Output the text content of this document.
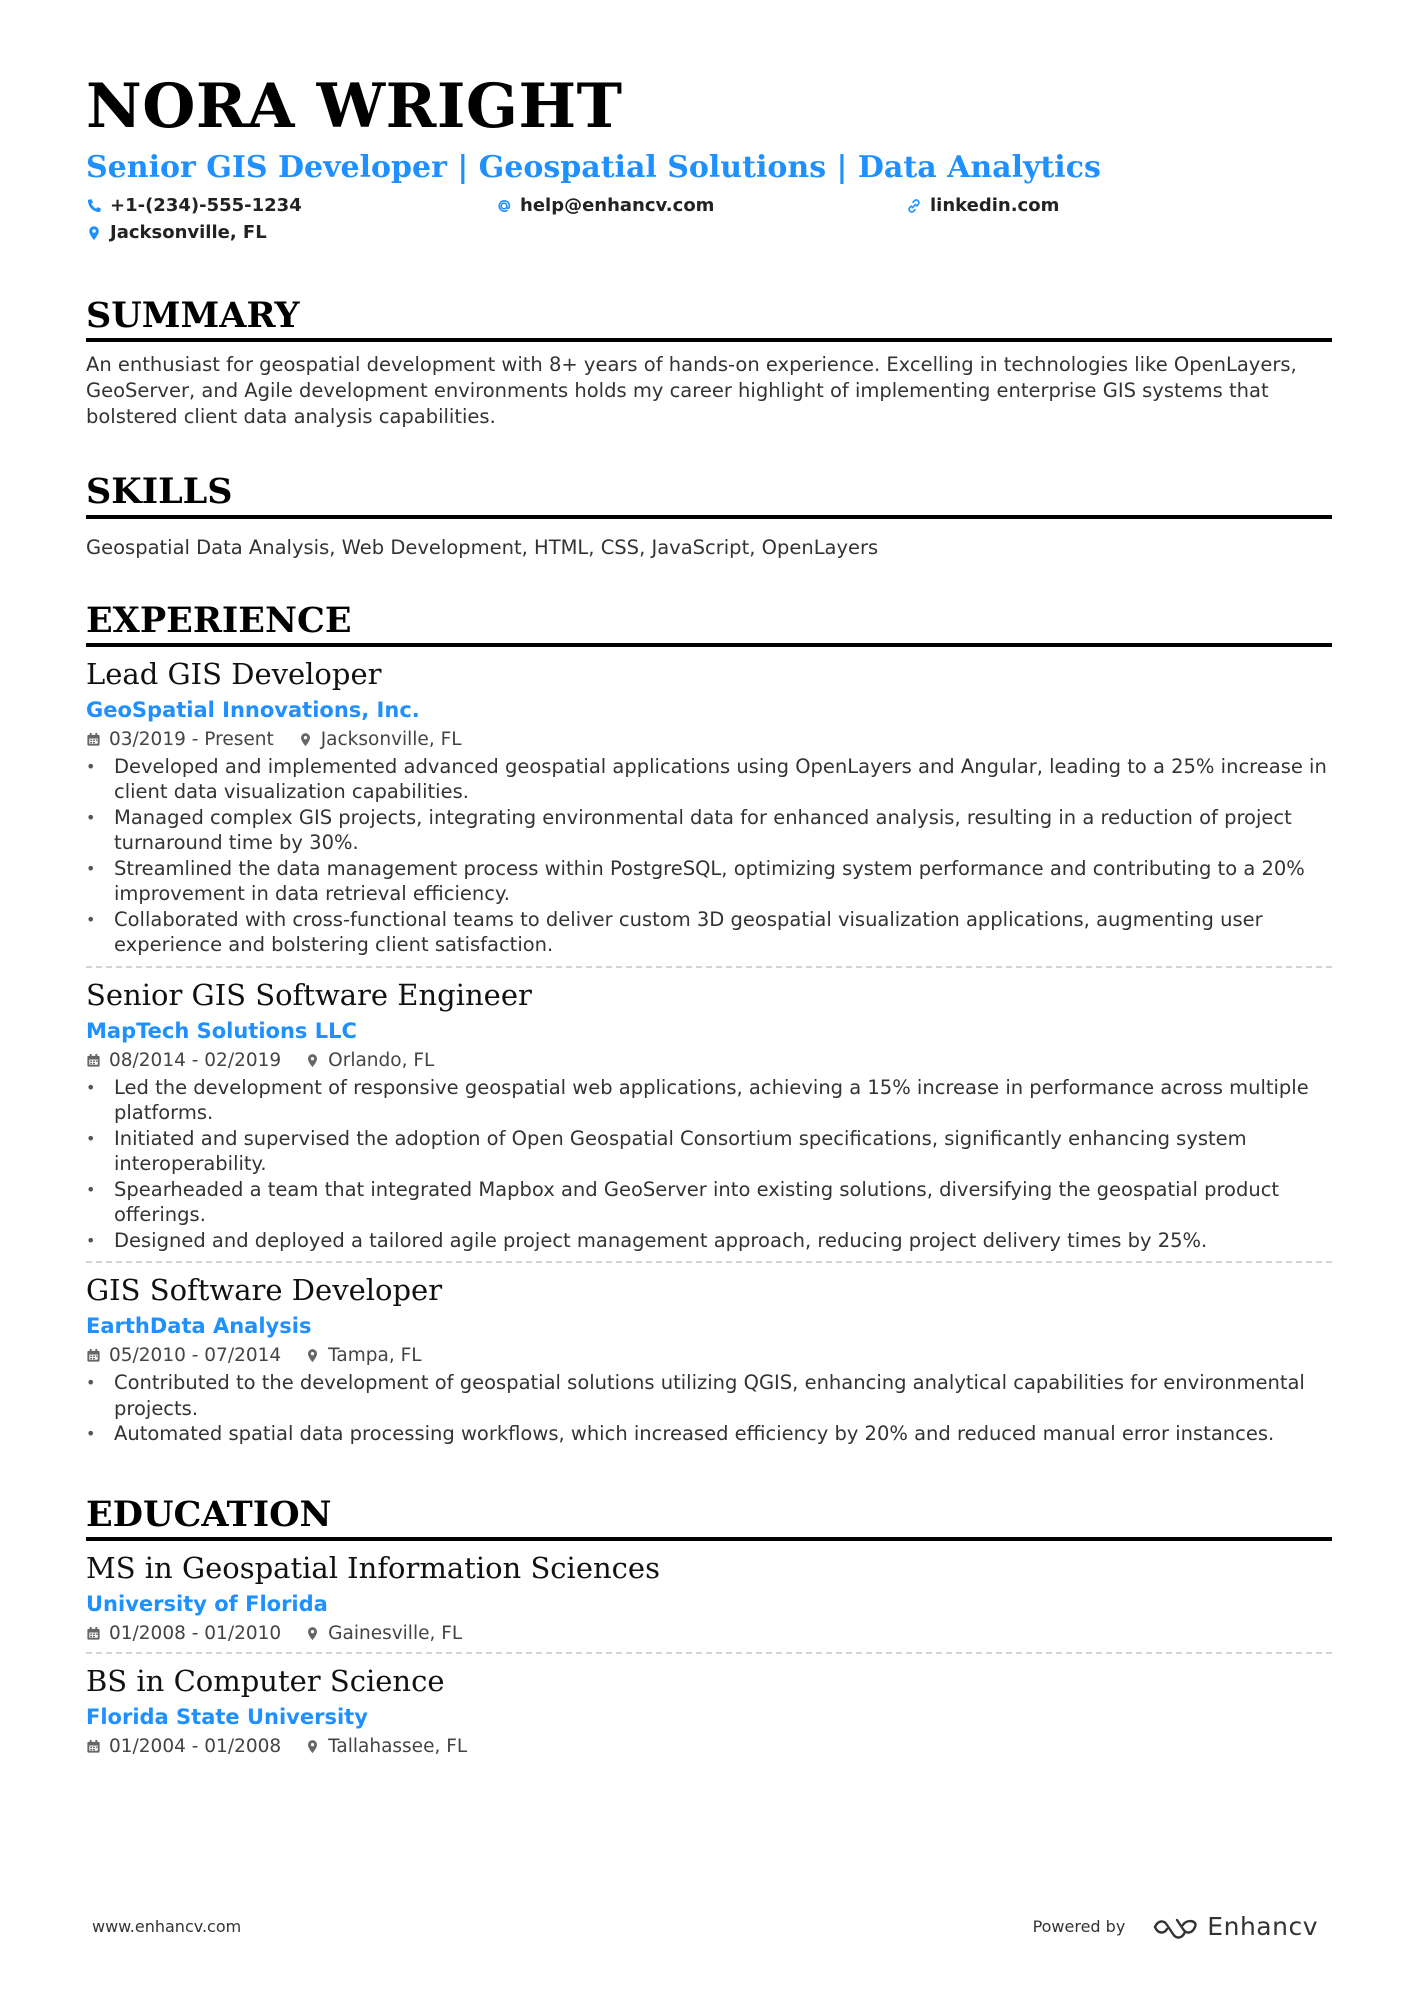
NORA WRIGHT
Senior GIS Developer | Geospatial Solutions | Data Analytics
+1-(234)-555-1234	help@enhancv.com	linkedin.com
Jacksonville, FL
SUMMARY
An enthusiast for geospatial development with 8+ years of hands-on experience. Excelling in technologies like OpenLayers, GeoServer, and Agile development environments holds my career highlight of implementing enterprise GIS systems that bolstered client data analysis capabilities.
SKILLS
Geospatial Data Analysis, Web Development, HTML, CSS, JavaScript, OpenLayers
EXPERIENCE
Lead GIS Developer
GeoSpatial Innovations, Inc.
03/2019 - Present	Jacksonville, FL
• Developed and implemented advanced geospatial applications using OpenLayers and Angular, leading to a 25% increase in client data visualization capabilities.
• Managed complex GIS projects, integrating environmental data for enhanced analysis, resulting in a reduction of project turnaround time by 30%.
• Streamlined the data management process within PostgreSQL, optimizing system performance and contributing to a 20% improvement in data retrieval efficiency.
• Collaborated with cross-functional teams to deliver custom 3D geospatial visualization applications, augmenting user experience and bolstering client satisfaction.
Senior GIS Software Engineer
MapTech Solutions LLC
08/2014 - 02/2019	Orlando, FL
• Led the development of responsive geospatial web applications, achieving a 15% increase in performance across multiple platforms.
• Initiated and supervised the adoption of Open Geospatial Consortium specifications, significantly enhancing system interoperability.
• Spearheaded a team that integrated Mapbox and GeoServer into existing solutions, diversifying the geospatial product offerings.
• Designed and deployed a tailored agile project management approach, reducing project delivery times by 25%.
GIS Software Developer
EarthData Analysis
05/2010 - 07/2014	Tampa, FL
• Contributed to the development of geospatial solutions utilizing QGIS, enhancing analytical capabilities for environmental projects.
• Automated spatial data processing workflows, which increased efficiency by 20% and reduced manual error instances.
EDUCATION
MS in Geospatial Information Sciences
University of Florida
01/2008 - 01/2010	Gainesville, FL
BS in Computer Science
Florida State University
01/2004 - 01/2008	Tallahassee, FL
www.enhancv.com	Powered by	Enhancv
